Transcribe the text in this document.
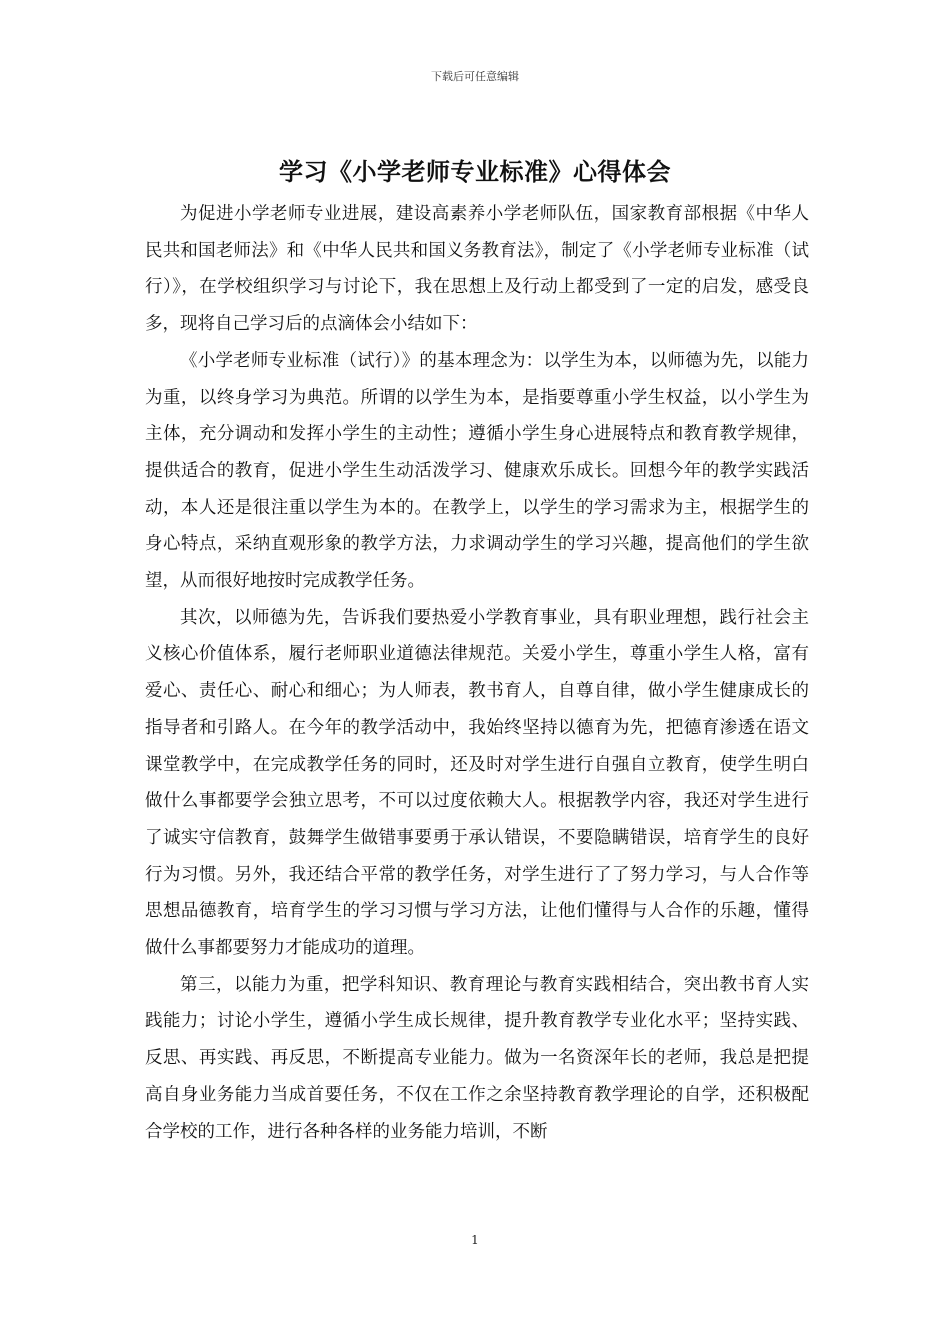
下载后可任意编辑
学习《小学老师专业标准》心得体会

为促进小学老师专业进展，建设高素养小学老师队伍，国家教育部根据《中华人民共和国老师法》和《中华人民共和国义务教育法》，制定了《小学老师专业标准（试行）》，在学校组织学习与讨论下，我在思想上及行动上都受到了一定的启发，感受良多，现将自己学习后的点滴体会小结如下：

《小学老师专业标准（试行）》的基本理念为：以学生为本，以师德为先，以能力为重，以终身学习为典范。所谓的以学生为本，是指要尊重小学生权益，以小学生为主体，充分调动和发挥小学生的主动性；遵循小学生身心进展特点和教育教学规律，提供适合的教育，促进小学生生动活泼学习、健康欢乐成长。回想今年的教学实践活动，本人还是很注重以学生为本的。在教学上，以学生的学习需求为主，根据学生的身心特点，采纳直观形象的教学方法，力求调动学生的学习兴趣，提高他们的学生欲望，从而很好地按时完成教学任务。

其次，以师德为先，告诉我们要热爱小学教育事业，具有职业理想，践行社会主义核心价值体系，履行老师职业道德法律规范。关爱小学生，尊重小学生人格，富有爱心、责任心、耐心和细心；为人师表，教书育人，自尊自律，做小学生健康成长的指导者和引路人。在今年的教学活动中，我始终坚持以德育为先，把德育渗透在语文课堂教学中，在完成教学任务的同时，还及时对学生进行自强自立教育，使学生明白做什么事都要学会独立思考，不可以过度依赖大人。根据教学内容，我还对学生进行了诚实守信教育，鼓舞学生做错事要勇于承认错误，不要隐瞒错误，培育学生的良好行为习惯。另外，我还结合平常的教学任务，对学生进行了了努力学习，与人合作等思想品德教育，培育学生的学习习惯与学习方法，让他们懂得与人合作的乐趣，懂得做什么事都要努力才能成功的道理。

第三，以能力为重，把学科知识、教育理论与教育实践相结合，突出教书育人实践能力；讨论小学生，遵循小学生成长规律，提升教育教学专业化水平；坚持实践、反思、再实践、再反思，不断提高专业能力。做为一名资深年长的老师，我总是把提高自身业务能力当成首要任务，不仅在工作之余坚持教育教学理论的自学，还积极配合学校的工作，进行各种各样的业务能力培训，不断

1
